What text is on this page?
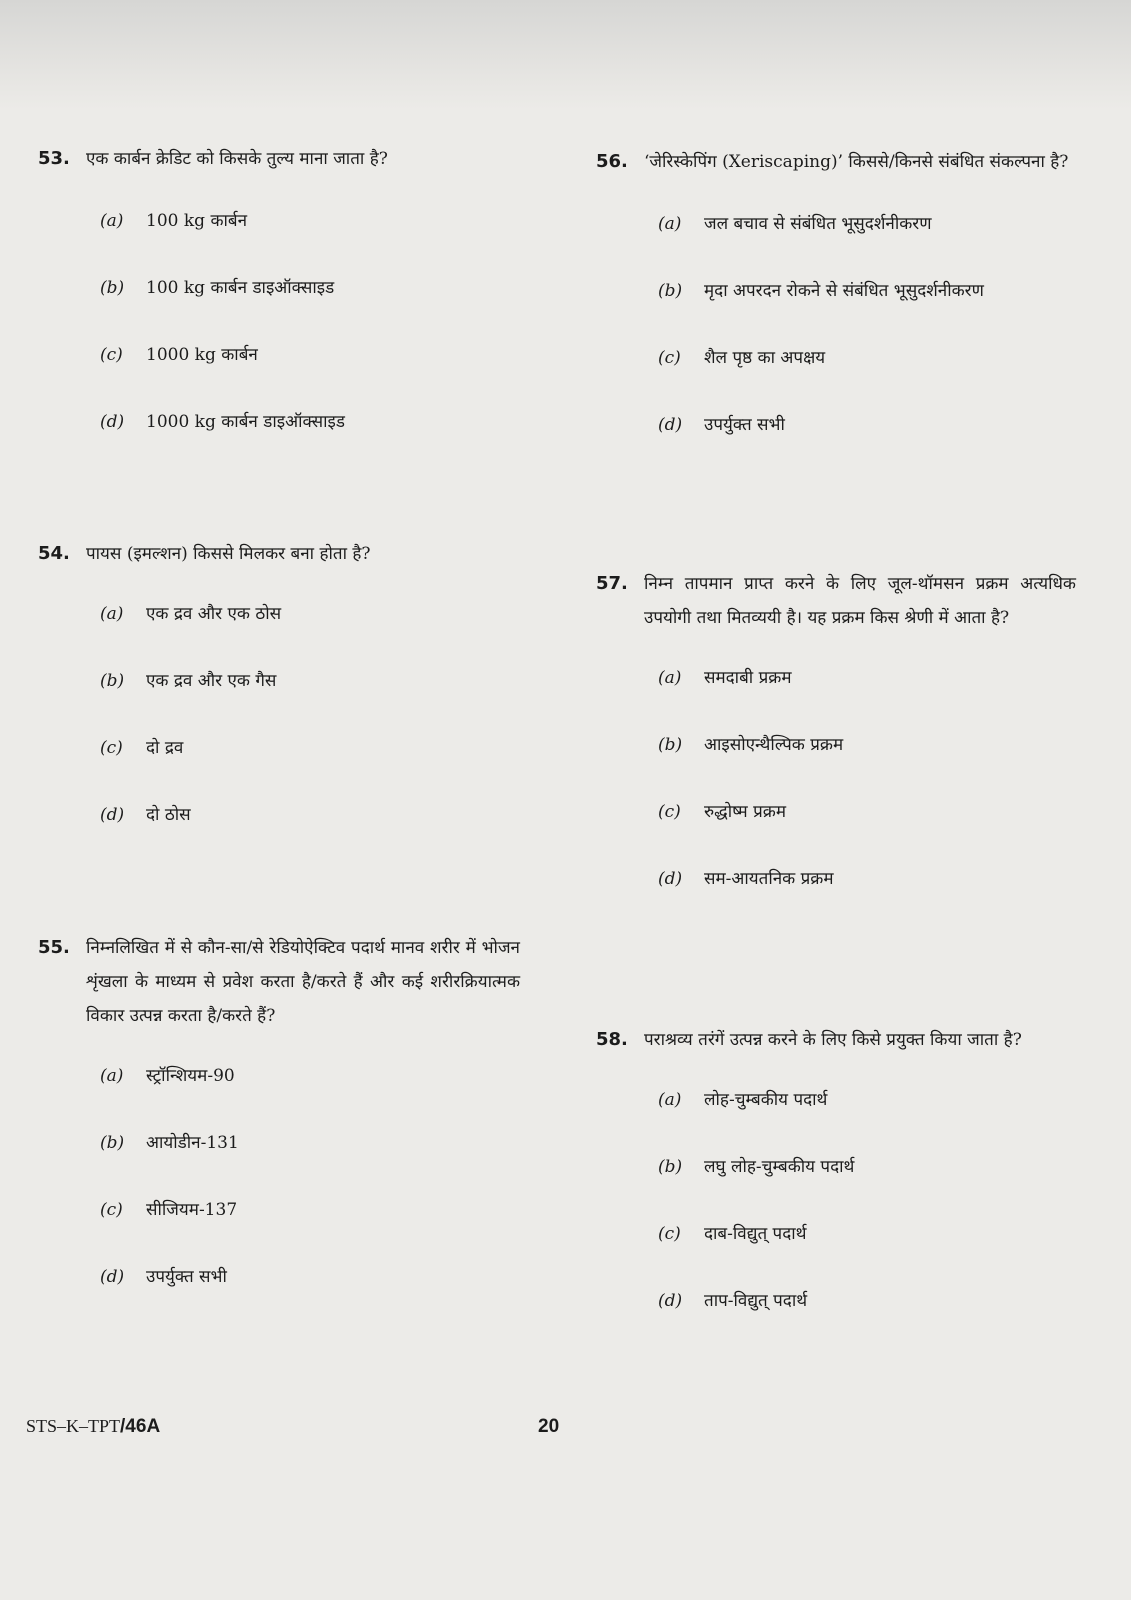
53. एक कार्बन क्रेडिट को किसके तुल्य माना जाता है?
(a)	100 kg कार्बन
(b)	100 kg कार्बन डाइऑक्साइड
(c)	1000 kg कार्बन
(d)	1000 kg कार्बन डाइऑक्साइड
54. पायस (इमल्शन) किससे मिलकर बना होता है?
(a)	एक द्रव और एक ठोस
(b)	एक द्रव और एक गैस
(c)	दो द्रव
(d)	दो ठोस
55. निम्नलिखित में से कौन-सा/से रेडियोऐक्टिव पदार्थ मानव शरीर में भोजन शृंखला के माध्यम से प्रवेश करता है/करते हैं और कई शरीरक्रियात्मक विकार उत्पन्न करता है/करते हैं?
(a)	स्ट्रॉन्शियम-90
(b)	आयोडीन-131
(c)	सीजियम-137
(d)	उपर्युक्त सभी
56. ‘जेरिस्केपिंग (Xeriscaping)’ किससे/किनसे संबंधित संकल्पना है?
(a)	जल बचाव से संबंधित भूसुदर्शनीकरण
(b)	मृदा अपरदन रोकने से संबंधित भूसुदर्शनीकरण
(c)	शैल पृष्ठ का अपक्षय
(d)	उपर्युक्त सभी
57. निम्न तापमान प्राप्त करने के लिए जूल-थॉमसन प्रक्रम अत्यधिक उपयोगी तथा मितव्ययी है। यह प्रक्रम किस श्रेणी में आता है?
(a)	समदाबी प्रक्रम
(b)	आइसोएन्थैल्पिक प्रक्रम
(c)	रुद्धोष्म प्रक्रम
(d)	सम-आयतनिक प्रक्रम
58. पराश्रव्य तरंगें उत्पन्न करने के लिए किसे प्रयुक्त किया जाता है?
(a)	लोह-चुम्बकीय पदार्थ
(b)	लघु लोह-चुम्बकीय पदार्थ
(c)	दाब-विद्युत् पदार्थ
(d)	ताप-विद्युत् पदार्थ
STS–K–TPT/46A	20
